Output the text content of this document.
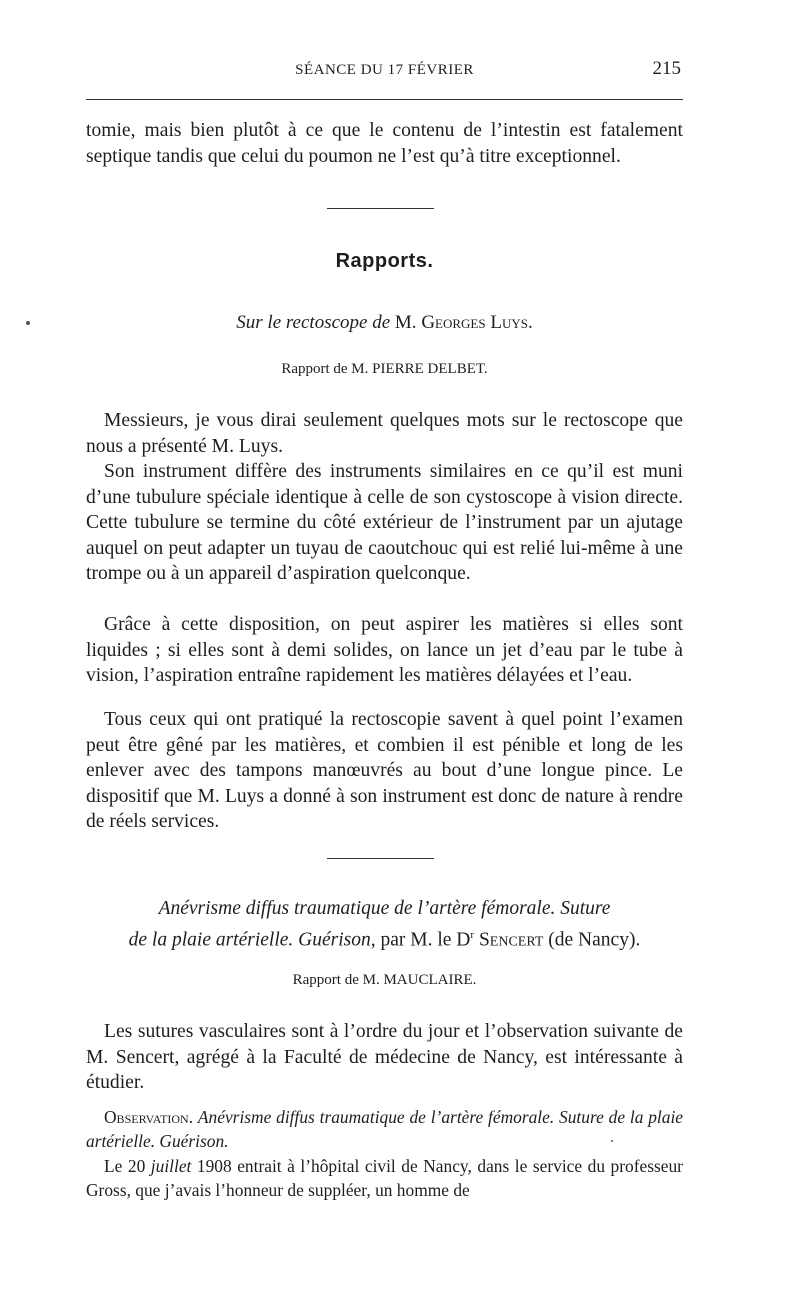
SÉANCE DU 17 FÉVRIER	215

tomie, mais bien plutôt à ce que le contenu de l’intestin est fatalement septique tandis que celui du poumon ne l’est qu’à titre exceptionnel.

Rapports.
Sur le rectoscope de M. Georges Luys.
Rapport de M. PIERRE DELBET.

Messieurs, je vous dirai seulement quelques mots sur le rectoscope que nous a présenté M. Luys.

Son instrument diffère des instruments similaires en ce qu’il est muni d’une tubulure spéciale identique à celle de son cystoscope à vision directe. Cette tubulure se termine du côté extérieur de l’instrument par un ajutage auquel on peut adapter un tuyau de caoutchouc qui est relié lui-même à une trompe ou à un appareil d’aspiration quelconque.

Grâce à cette disposition, on peut aspirer les matières si elles sont liquides ; si elles sont à demi solides, on lance un jet d’eau par le tube à vision, l’aspiration entraîne rapidement les matières délayées et l’eau.

Tous ceux qui ont pratiqué la rectoscopie savent à quel point l’examen peut être gêné par les matières, et combien il est pénible et long de les enlever avec des tampons manœuvrés au bout d’une longue pince. Le dispositif que M. Luys a donné à son instrument est donc de nature à rendre de réels services.

Anévrisme diffus traumatique de l’artère fémorale. Suture
de la plaie artérielle. Guérison, par M. le $D^r$ Sencert (de Nancy).
Rapport de M. MAUCLAIRE.

Les sutures vasculaires sont à l’ordre du jour et l’observation suivante de M. Sencert, agrégé à la Faculté de médecine de Nancy, est intéressante à étudier.

Observation. Anévrisme diffus traumatique de l’artère fémorale. Suture de la plaie artérielle. Guérison.

Le 20 juillet 1908 entrait à l’hôpital civil de Nancy, dans le service du professeur Gross, que j’avais l’honneur de suppléer, un homme de
